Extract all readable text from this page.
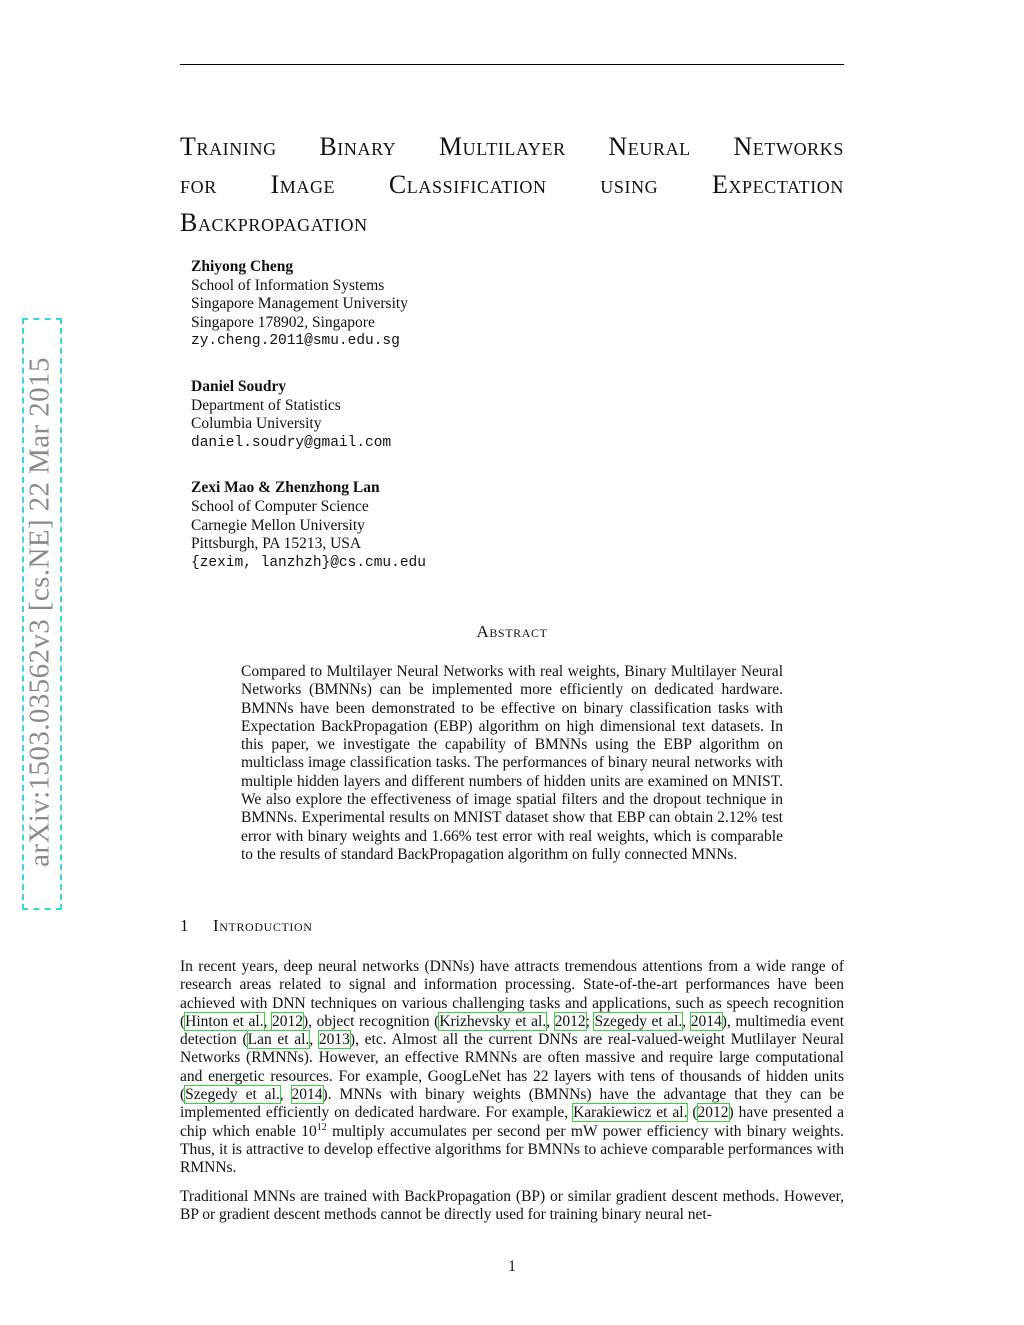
arXiv:1503.03562v3 [cs.NE] 22 Mar 2015
Training Binary Multilayer Neural Networks
for Image Classification using Expectation
Backpropagation
Zhiyong Cheng
School of Information Systems
Singapore Management University
Singapore 178902, Singapore
zy.cheng.2011@smu.edu.sg
Daniel Soudry
Department of Statistics
Columbia University
daniel.soudry@gmail.com
Zexi Mao & Zhenzhong Lan
School of Computer Science
Carnegie Mellon University
Pittsburgh, PA 15213, USA
{zexim, lanzhzh}@cs.cmu.edu
Abstract

Compared to Multilayer Neural Networks with real weights, Binary Multilayer Neural Networks (BMNNs) can be implemented more efficiently on dedicated hardware. BMNNs have been demonstrated to be effective on binary classification tasks with Expectation BackPropagation (EBP) algorithm on high dimensional text datasets. In this paper, we investigate the capability of BMNNs using the EBP algorithm on multiclass image classification tasks. The performances of binary neural networks with multiple hidden layers and different numbers of hidden units are examined on MNIST. We also explore the effectiveness of image spatial filters and the dropout technique in BMNNs. Experimental results on MNIST dataset show that EBP can obtain 2.12% test error with binary weights and 1.66% test error with real weights, which is comparable to the results of standard BackPropagation algorithm on fully connected MNNs.

1 Introduction

In recent years, deep neural networks (DNNs) have attracts tremendous attentions from a wide range of research areas related to signal and information processing. State-of-the-art performances have been achieved with DNN techniques on various challenging tasks and applications, such as speech recognition (Hinton et al., 2012), object recognition (Krizhevsky et al., 2012; Szegedy et al., 2014), multimedia event detection (Lan et al., 2013), etc. Almost all the current DNNs are real-valued-weight Mutlilayer Neural Networks (RMNNs). However, an effective RMNNs are often massive and require large computational and energetic resources. For example, GoogLeNet has 22 layers with tens of thousands of hidden units (Szegedy et al., 2014). MNNs with binary weights (BMNNs) have the advantage that they can be implemented efficiently on dedicated hardware. For example, Karakiewicz et al. (2012) have presented a chip which enable $10^{12}$ multiply accumulates per second per mW power efficiency with binary weights. Thus, it is attractive to develop effective algorithms for BMNNs to achieve comparable performances with RMNNs.

Traditional MNNs are trained with BackPropagation (BP) or similar gradient descent methods. However, BP or gradient descent methods cannot be directly used for training binary neural net-

1
